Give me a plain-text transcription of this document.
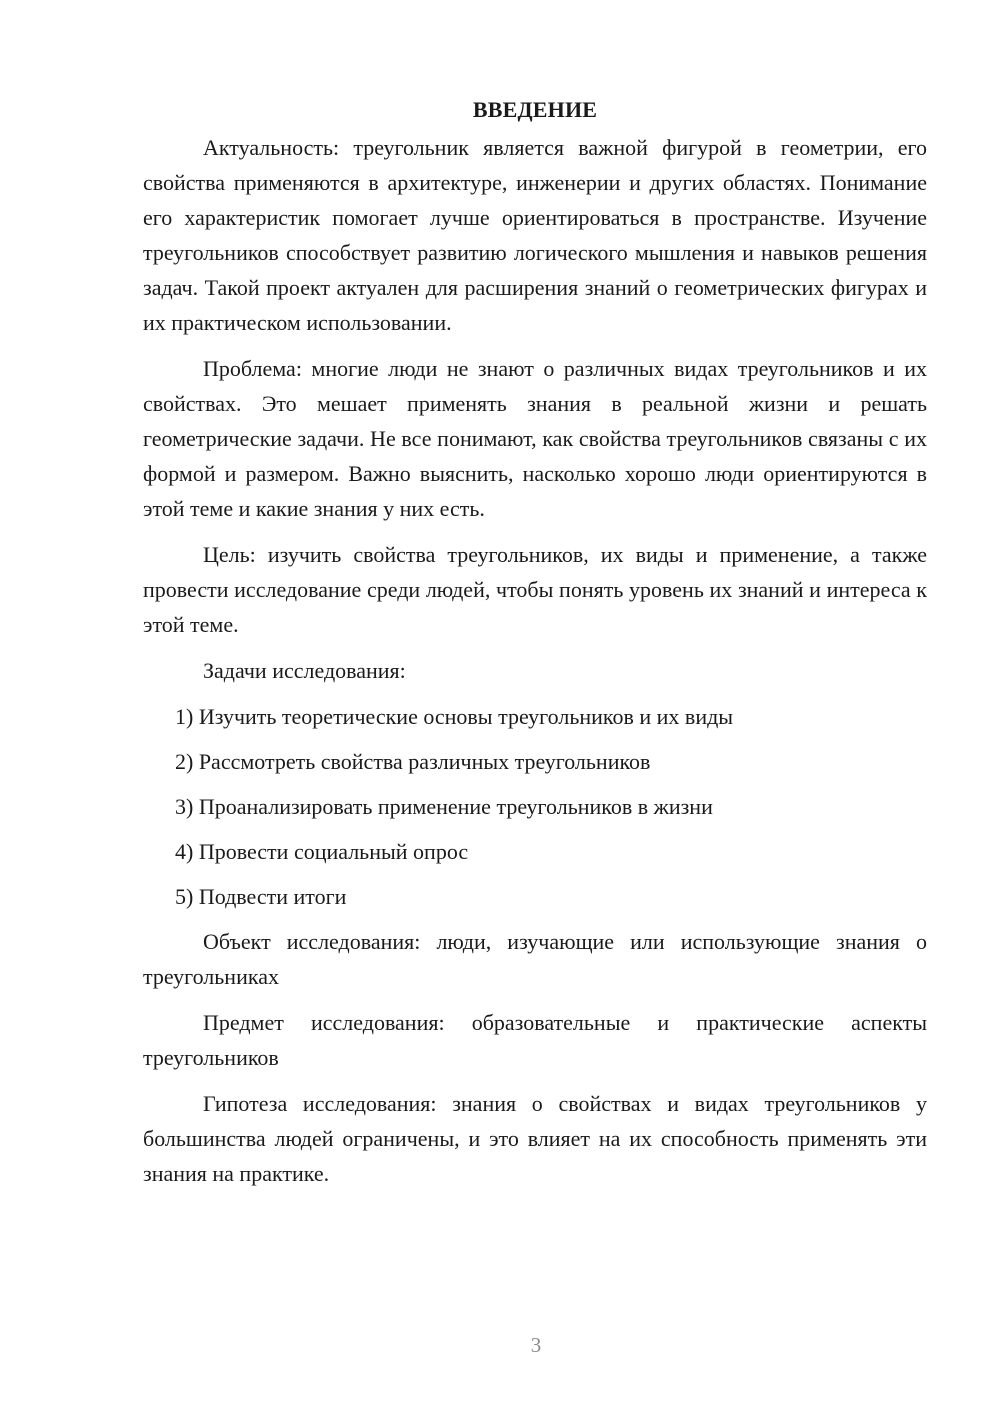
ВВЕДЕНИЕ

Актуальность: треугольник является важной фигурой в геометрии, его свойства применяются в архитектуре, инженерии и других областях. Понимание его характеристик помогает лучше ориентироваться в пространстве. Изучение треугольников способствует развитию логического мышления и навыков решения задач. Такой проект актуален для расширения знаний о геометрических фигурах и их практическом использовании.

Проблема: многие люди не знают о различных видах треугольников и их свойствах. Это мешает применять знания в реальной жизни и решать геометрические задачи. Не все понимают, как свойства треугольников связаны с их формой и размером. Важно выяснить, насколько хорошо люди ориентируются в этой теме и какие знания у них есть.

Цель: изучить свойства треугольников, их виды и применение, а также провести исследование среди людей, чтобы понять уровень их знаний и интереса к этой теме.

Задачи исследования:

1) Изучить теоретические основы треугольников и их виды
2) Рассмотреть свойства различных треугольников
3) Проанализировать применение треугольников в жизни
4) Провести социальный опрос
5) Подвести итоги

Объект исследования: люди, изучающие или использующие знания о треугольниках

Предмет исследования: образовательные и практические аспекты треугольников

Гипотеза исследования: знания о свойствах и видах треугольников у большинства людей ограничены, и это влияет на их способность применять эти знания на практике.

3
